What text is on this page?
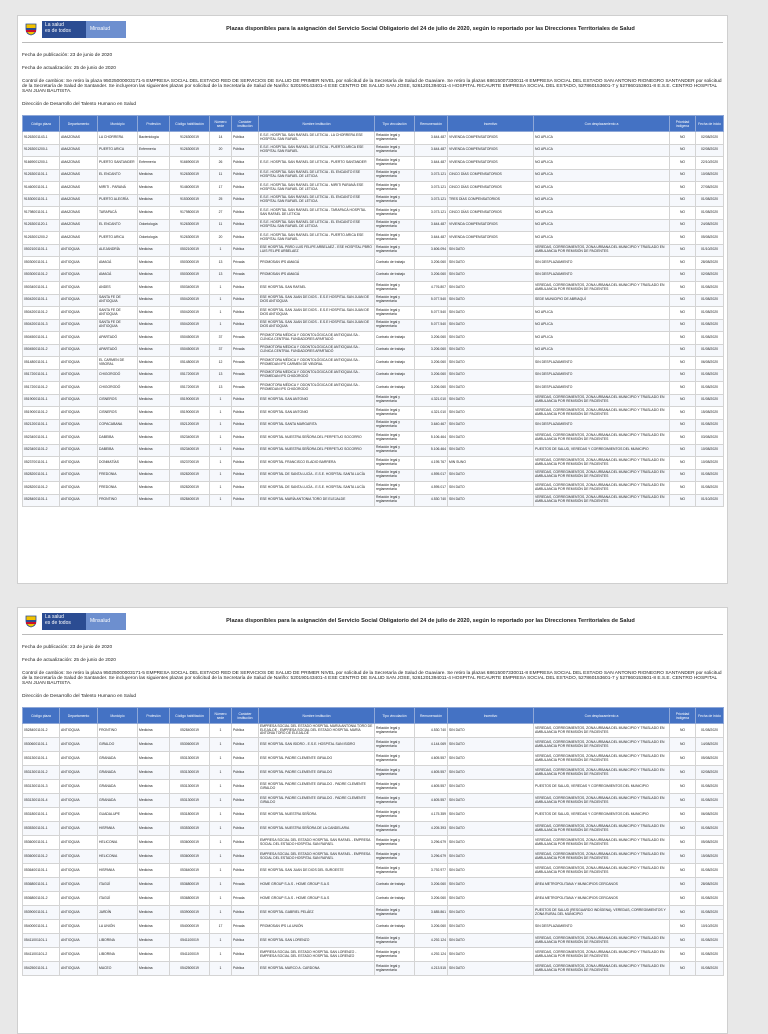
La salud
es de todos	Minsalud	Plazas disponibles para la asignación del Servicio Social Obligatorio del 24 de julio de 2020, según lo reportado por las Direcciones Territoriales de Salud

Fecha de publicación: 23 de junio de 2020

Fecha de actualización: 25 de junio de 2020

Control de cambios: Se retiro la plaza 95025000003171-5 EMPRESA SOCIAL DEL ESTADO RED DE SERVICIOS DE SALUD DE PRIMER NIVEL por solicitud de la Secretaría de Salud de Guaviare. Se retiro la plazas 68615007330011-8 EMPRESA SOCIAL DEL ESTADO SAN ANTONIO RIONEGRO SANTANDER por solicitud de la Secretaría de Salud de Santander. Se incluyeron las siguientes plazas por solicitud de la Secretaría de Salud de Nariño: 520190143401-4 ESE CENTRO DE SALUD SAN JOSE, 5261201394011-4 HOSPITAL RICAURTE EMPRESA SOCIAL DEL ESTADO, 527860153601-7 y 527860153601-8 E.S.E. CENTRO HOSPITAL SAN JUAN BAUTISTA.

Dirección de Desarrollo del Talento Humano en Salud

Código plaza	Departamento	Municipio	Profesión	Código habilitación	Número sede	Carácter institución	Nombre institución	Tipo vinculación	Remuneración	Incentivo	Con desplazamiento a	Prioridad indígena	Fecha de inicio
91263001143-1	AMAZONAS	LA CHORRERA	Bacteriología	9126300019	14	Pública	E.S.E. HOSPITAL SAN RAFAEL DE LETICIA - LA CHORRERA ESE HOSPITAL SAN RAFAEL	Relación legal y reglamentaria	3.644.487	VIVIENDA COMPENSATORIOS	NO APLICA	NO	02/08/2020
91263001200-1	AMAZONAS	PUERTO ARICA	Enfermería	9126300019	20	Pública	E.S.E. HOSPITAL SAN RAFAEL DE LETICIA - PUERTO ARICA ESE HOSPITAL SAN RAFAEL	Relación legal y reglamentaria	3.644.487	VIVIENDA COMPENSATORIOS	NO APLICA	NO	02/08/2020
91669001200-1	AMAZONAS	PUERTO SANTANDER	Enfermería	9166900019	26	Pública	E.S.E. HOSPITAL SAN RAFAEL DE LETICIA - PUERTO SANTANDER	Relación legal y reglamentaria	3.644.487	VIVIENDA COMPENSATORIOS	NO APLICA	NO	22/10/2020
91263001101-1	AMAZONAS	EL ENCANTO	Medicina	9126300019	11	Pública	E.S.E. HOSPITAL SAN RAFAEL DE LETICIA - EL ENCANTO ESE HOSPITAL SAN RAFAEL DE LETICIA	Relación legal y reglamentaria	3.073.121	CINCO DÍAS COMPENSATORIOS	NO APLICA	NO	10/08/2020
91460001101-1	AMAZONAS	MIRITI - PARANÁ	Medicina	9146000019	17	Pública	E.S.E. HOSPITAL SAN RAFAEL DE LETICIA - MIRITI PARANÁ ESE HOSPITAL SAN RAFAEL DE LETICIA	Relación legal y reglamentaria	3.073.121	CINCO DÍAS COMPENSATORIOS	NO APLICA	NO	27/08/2020
91530001101-1	AMAZONAS	PUERTO ALEGRÍA	Medicina	9153000019	25	Pública	E.S.E. HOSPITAL SAN RAFAEL DE LETICIA - EL ENCANTO ESE HOSPITAL SAN RAFAEL DE LETICIA	Relación legal y reglamentaria	3.073.121	TRES DÍAS COMPENSATORIOS	NO APLICA	NO	01/08/2020
91798001101-1	AMAZONAS	TARAPACÁ	Medicina	9179800019	27	Pública	E.S.E. HOSPITAL SAN RAFAEL DE LETICIA - TARAPACÁ HOSPITAL SAN RAFAEL DE LETICIA	Relación legal y reglamentaria	3.073.121	CINCO DÍAS COMPENSATORIOS	NO APLICA	NO	01/08/2020
91263001120-1	AMAZONAS	EL ENCANTO	Odontología	9126300019	11	Pública	E.S.E. HOSPITAL SAN RAFAEL DE LETICIA - EL ENCANTO ESE HOSPITAL SAN RAFAEL DE LETICIA	Relación legal y reglamentaria	3.644.487	VIVIENDA COMPENSATORIOS	NO APLICA	NO	24/08/2020
91263001200-2	AMAZONAS	PUERTO ARICA	Odontología	9126300019	20	Pública	E.S.E. HOSPITAL SAN RAFAEL DE LETICIA - PUERTO ARICA ESE HOSPITAL SAN RAFAEL	Relación legal y reglamentaria	3.644.487	VIVIENDA COMPENSATORIOS	NO APLICA	NO	05/08/2020
05021001101-1	ANTIOQUIA	ALEJANDRÍA	Medicina	0502100019	1	Pública	ESE HOSPITAL PBRO LUIS FELIPE ARBELAEZ - ESE HOSPITAL PBRO LUIS FELIPE ARBELAEZ	Relación legal y reglamentaria	3.606.094	SIN DATO	VEREDAS, CORREGIMIENTOS, ZONA URBANA DEL MUNICIPIO Y TRASLADO EN AMBULANCIA POR REMISIÓN DE PACIENTES	NO	01/10/2020
05030001101-1	ANTIOQUIA	AMAGÁ	Medicina	0503000019	13	Privada	PROMOSAN IPS AMAGÁ	Contrato de trabajo	3.206.060	SIN DATO	SIN DESPLAZAMIENTO	NO	28/08/2020
05030001101-2	ANTIOQUIA	AMAGÁ	Medicina	0503000019	13	Privada	PROMOSAN IPS AMAGÁ	Contrato de trabajo	3.206.060	SIN DATO	SIN DESPLAZAMIENTO	NO	02/08/2020
05034001101-1	ANTIOQUIA	ANDES	Medicina	0503400019	1	Pública	ESE HOSPITAL SAN RAFAEL	Relación legal y reglamentaria	4.776.807	SIN DATO	VEREDAS, CORREGIMIENTOS, ZONA URBANA DEL MUNICIPIO Y TRASLADO EN AMBULANCIA POR REMISIÓN DE PACIENTES	NO	01/08/2020
05042001101-1	ANTIOQUIA	SANTA FE DE ANTIOQUIA	Medicina	0504200019	1	Pública	ESE HOSPITAL SAN JUAN DE DIOS - E.S.E HOSPITAL SAN JUAN DE DIOS ANTIOQUIA	Relación legal y reglamentaria	5.077.540	SIN DATO	SEDE MUNICIPIO DE ABRIAQUÍ	NO	01/08/2020
05042001101-2	ANTIOQUIA	SANTA FE DE ANTIOQUIA	Medicina	0504200019	1	Pública	ESE HOSPITAL SAN JUAN DE DIOS - E.S.E HOSPITAL SAN JUAN DE DIOS ANTIOQUIA	Relación legal y reglamentaria	5.077.540	SIN DATO	NO APLICA	NO	01/08/2020
05042001101-3	ANTIOQUIA	SANTA FE DE ANTIOQUIA	Medicina	0504200019	1	Pública	ESE HOSPITAL SAN JUAN DE DIOS - E.S.E HOSPITAL SAN JUAN DE DIOS ANTIOQUIA	Relación legal y reglamentaria	5.077.540	SIN DATO	NO APLICA	NO	01/08/2020
05045001101-1	ANTIOQUIA	APARTADÓ	Medicina	0504500019	37	Privada	PROMOTORA MÉDICA Y ODONTOLÓGICA DE ANTIOQUIA SA - CLÍNICA CENTRAL FUNDADORES APARTADÓ	Contrato de trabajo	3.206.060	SIN DATO	NO APLICA	NO	01/08/2020
05045001101-2	ANTIOQUIA	APARTADÓ	Medicina	0504500019	37	Privada	PROMOTORA MÉDICA Y ODONTOLÓGICA DE ANTIOQUIA SA - CLÍNICA CENTRAL FUNDADORES APARTADÓ	Contrato de trabajo	3.206.060	SIN DATO	NO APLICA	NO	01/08/2020
05148001101-1	ANTIOQUIA	EL CARMEN DE VIBORAL	Medicina	0514800019	12	Privada	PROMOTORA MÉDICA Y ODONTOLÓGICA DE ANTIOQUIA SA - PROMEDAN IPS CARMEN DE VIBORAL	Contrato de trabajo	3.206.060	SIN DATO	SIN DESPLAZAMIENTO	NO	06/08/2020
05172001101-1	ANTIOQUIA	CHIGORODÓ	Medicina	0517200019	13	Privada	PROMOTORA MÉDICA Y ODONTOLÓGICA DE ANTIOQUIA SA - PROMEDAN IPS CHIGORODÓ	Contrato de trabajo	3.206.060	SIN DATO	SIN DESPLAZAMIENTO	NO	01/08/2020
05172001101-2	ANTIOQUIA	CHIGORODÓ	Medicina	0517200019	13	Privada	PROMOTORA MÉDICA Y ODONTOLÓGICA DE ANTIOQUIA SA - PROMEDAN IPS CHIGORODÓ	Contrato de trabajo	3.206.060	SIN DATO	SIN DESPLAZAMIENTO	NO	01/08/2020
05190001101-1	ANTIOQUIA	CISNEROS	Medicina	0519000019	1	Pública	ESE HOSPITAL SAN ANTONIO	Relación legal y reglamentaria	4.321.010	SIN DATO	VEREDAS, CORREGIMIENTOS, ZONA URBANA DEL MUNICIPIO Y TRASLADO EN AMBULANCIA POR REMISIÓN DE PACIENTES	NO	01/08/2020
05190001101-2	ANTIOQUIA	CISNEROS	Medicina	0519000019	1	Pública	ESE HOSPITAL SAN ANTONIO	Relación legal y reglamentaria	4.321.010	SIN DATO	VEREDAS, CORREGIMIENTOS, ZONA URBANA DEL MUNICIPIO Y TRASLADO EN AMBULANCIA POR REMISIÓN DE PACIENTES	NO	15/08/2020
05212001101-1	ANTIOQUIA	COPACABANA	Medicina	0521200019	1	Pública	ESE HOSPITAL SANTA MARGARITA	Relación legal y reglamentaria	3.640.467	SIN DATO	SIN DESPLAZAMIENTO	NO	01/08/2020
05234001101-1	ANTIOQUIA	DABEIBA	Medicina	0523400019	1	Pública	ESE HOSPITAL NUESTRA SEÑORA DEL PERPETUO SOCORRO	Relación legal y reglamentaria	5.106.464	SIN DATO	VEREDAS, CORREGIMIENTOS, ZONA URBANA DEL MUNICIPIO Y TRASLADO EN AMBULANCIA POR REMISIÓN DE PACIENTES	NO	03/08/2020
05234001101-2	ANTIOQUIA	DABEIBA	Medicina	0523400019	1	Pública	ESE HOSPITAL NUESTRA SEÑORA DEL PERPETUO SOCORRO	Relación legal y reglamentaria	5.106.464	SIN DATO	PUESTOS DE SALUD, VEREDAS Y CORREGIMIENTOS DEL MUNICIPIO	NO	10/08/2020
05237001101-1	ANTIOQUIA	DONMATÍAS	Medicina	0523700019	1	Pública	ESE HOSPITAL FRANCISCO ELADIO BARRERA	Relación legal y reglamentaria	4.195.767	MIN SUNO	VEREDAS, CORREGIMIENTOS, ZONA URBANA DEL MUNICIPIO Y TRASLADO EN AMBULANCIA POR REMISIÓN DE PACIENTES	NO	10/08/2020
05282001101-1	ANTIOQUIA	FREDONIA	Medicina	0528200019	1	Pública	ESE HOSPITAL DE SANTA LUCÍA - E.S.E. HOSPITAL SANTA LUCÍA	Relación legal y reglamentaria	4.595.017	SIN DATO	VEREDAS, CORREGIMIENTOS, ZONA URBANA DEL MUNICIPIO Y TRASLADO EN AMBULANCIA POR REMISIÓN DE PACIENTES	NO	01/08/2020
05282001101-2	ANTIOQUIA	FREDONIA	Medicina	0528200019	1	Pública	ESE HOSPITAL DE SANTA LUCÍA - E.S.E. HOSPITAL SANTA LUCÍA	Relación legal y reglamentaria	4.595.017	SIN DATO	VEREDAS, CORREGIMIENTOS, ZONA URBANA DEL MUNICIPIO Y TRASLADO EN AMBULANCIA POR REMISIÓN DE PACIENTES	NO	01/08/2020
05284001101-1	ANTIOQUIA	FRONTINO	Medicina	0528400019	1	Pública	ESE HOSPITAL MARÍA ANTONIA TORO DE ELEJALDE	Relación legal y reglamentaria	4.530.740	SIN DATO	VEREDAS, CORREGIMIENTOS, ZONA URBANA DEL MUNICIPIO Y TRASLADO EN AMBULANCIA POR REMISIÓN DE PACIENTES	NO	01/10/2020
La salud
es de todos	Minsalud	Plazas disponibles para la asignación del Servicio Social Obligatorio del 24 de julio de 2020, según lo reportado por las Direcciones Territoriales de Salud

Fecha de publicación: 23 de junio de 2020

Fecha de actualización: 25 de junio de 2020

Control de cambios: Se retiro la plaza 95025000003171-5 EMPRESA SOCIAL DEL ESTADO RED DE SERVICIOS DE SALUD DE PRIMER NIVEL por solicitud de la Secretaría de Salud de Guaviare. Se retiro la plazas 68615007330011-8 EMPRESA SOCIAL DEL ESTADO SAN ANTONIO RIONEGRO SANTANDER por solicitud de la Secretaría de Salud de Santander. Se incluyeron las siguientes plazas por solicitud de la Secretaría de Salud de Nariño: 520190143401-4 ESE CENTRO DE SALUD SAN JOSE, 5261201394011-4 HOSPITAL RICAURTE EMPRESA SOCIAL DEL ESTADO, 527860153601-7 y 527860153601-8 E.S.E. CENTRO HOSPITAL SAN JUAN BAUTISTA.

Dirección de Desarrollo del Talento Humano en Salud

Código plaza	Departamento	Municipio	Profesión	Código habilitación	Número sede	Carácter institución	Nombre institución	Tipo vinculación	Remuneración	Incentivo	Con desplazamiento a	Prioridad indígena	Fecha de inicio
05284001101-2	ANTIOQUIA	FRONTINO	Medicina	0528400019	1	Pública	EMPRESA SOCIAL DEL ESTADO HOSPITAL MARÍA ANTONIA TORO DE ELEJALDE - EMPRESA SOCIAL DEL ESTADO HOSPITAL MARÍA ANTONIA TORO DE ELEJALDE	Relación legal y reglamentaria	4.530.740	SIN DATO	VEREDAS, CORREGIMIENTOS, ZONA URBANA DEL MUNICIPIO Y TRASLADO EN AMBULANCIA POR REMISIÓN DE PACIENTES	NO	01/08/2020
05306001101-1	ANTIOQUIA	GIRALDO	Medicina	0530600019	1	Pública	ESE HOSPITAL SAN ISIDRO - E.S.E. HOSPITAL SAN ISIDRO	Relación legal y reglamentaria	4.144.069	SIN DATO	VEREDAS, CORREGIMIENTOS, ZONA URBANA DEL MUNICIPIO Y TRASLADO EN AMBULANCIA POR REMISIÓN DE PACIENTES	NO	14/08/2020
05313001101-1	ANTIOQUIA	GRANADA	Medicina	0531300019	1	Pública	ESE HOSPITAL PADRE CLEMENTE GIRALDO	Relación legal y reglamentaria	4.605.557	SIN DATO	VEREDAS, CORREGIMIENTOS, ZONA URBANA DEL MUNICIPIO Y TRASLADO EN AMBULANCIA POR REMISIÓN DE PACIENTES	NO	05/08/2020
05313001101-2	ANTIOQUIA	GRANADA	Medicina	0531300019	1	Pública	ESE HOSPITAL PADRE CLEMENTE GIRALDO	Relación legal y reglamentaria	4.605.557	SIN DATO	VEREDAS, CORREGIMIENTOS, ZONA URBANA DEL MUNICIPIO Y TRASLADO EN AMBULANCIA POR REMISIÓN DE PACIENTES	NO	02/08/2020
05313001101-3	ANTIOQUIA	GRANADA	Medicina	0531300019	1	Pública	ESE HOSPITAL PADRE CLEMENTE GIRALDO - PADRE CLEMENTE GIRALDO	Relación legal y reglamentaria	4.605.557	SIN DATO	PUESTOS DE SALUD, VEREDAS Y CORREGIMIENTOS DEL MUNICIPIO	NO	01/08/2020
05313001101-4	ANTIOQUIA	GRANADA	Medicina	0531300019	1	Pública	ESE HOSPITAL PADRE CLEMENTE GIRALDO - PADRE CLEMENTE GIRALDO	Relación legal y reglamentaria	4.605.557	SIN DATO	VEREDAS, CORREGIMIENTOS, ZONA URBANA DEL MUNICIPIO Y TRASLADO EN AMBULANCIA POR REMISIÓN DE PACIENTES	NO	01/08/2020
05318001101-1	ANTIOQUIA	GUADALUPE	Medicina	0531800019	1	Pública	ESE HOSPITAL NUESTRA SEÑORA	Relación legal y reglamentaria	4.175.359	SIN DATO	PUESTOS DE SALUD, VEREDAS Y CORREGIMIENTOS DEL MUNICIPIO	NO	06/08/2020
05353001101-1	ANTIOQUIA	HISPANIA	Medicina	0535300019	1	Pública	ESE HOSPITAL NUESTRA SEÑORA DE LA CANDELARIA	Relación legal y reglamentaria	4.205.393	SIN DATO	VEREDAS, CORREGIMIENTOS, ZONA URBANA DEL MUNICIPIO Y TRASLADO EN AMBULANCIA POR REMISIÓN DE PACIENTES	NO	01/08/2020
05360001101-1	ANTIOQUIA	HELICONIA	Medicina	0536000019	1	Pública	EMPRESA SOCIAL DEL ESTADO HOSPITAL SAN RAFAEL - EMPRESA SOCIAL DEL ESTADO HOSPITAL SAN RAFAEL	Relación legal y reglamentaria	3.296.679	SIN DATO	VEREDAS, CORREGIMIENTOS, ZONA URBANA DEL MUNICIPIO Y TRASLADO EN AMBULANCIA POR REMISIÓN DE PACIENTES	NO	05/08/2020
05360001101-2	ANTIOQUIA	HELICONIA	Medicina	0536000019	1	Pública	EMPRESA SOCIAL DEL ESTADO HOSPITAL SAN RAFAEL - EMPRESA SOCIAL DEL ESTADO HOSPITAL SAN RAFAEL	Relación legal y reglamentaria	3.296.679	SIN DATO	VEREDAS, CORREGIMIENTOS, ZONA URBANA DEL MUNICIPIO Y TRASLADO EN AMBULANCIA POR REMISIÓN DE PACIENTES	NO	15/08/2020
05364001101-1	ANTIOQUIA	HISPANIA	Medicina	0536400019	1	Pública	ESE HOSPITAL SAN JUAN DE DIOS DEL SUROESTE	Relación legal y reglamentaria	3.792.977	SIN DATO	VEREDAS, CORREGIMIENTOS, ZONA URBANA DEL MUNICIPIO Y TRASLADO EN AMBULANCIA POR REMISIÓN DE PACIENTES	NO	01/08/2020
05368001101-1	ANTIOQUIA	ITAGÜÍ	Medicina	0536800019	1	Privada	HOME GROUP S.A.S - HOME GROUP S.A.S	Contrato de trabajo	3.206.060	SIN DATO	ÁREA METROPOLITANA Y MUNICIPIOS CERCANOS	NO	28/08/2020
05368001101-2	ANTIOQUIA	ITAGÜÍ	Medicina	0536800019	1	Privada	HOME GROUP S.A.S - HOME GROUP S.A.S	Contrato de trabajo	3.206.060	SIN DATO	ÁREA METROPOLITANA Y MUNICIPIOS CERCANOS	NO	01/08/2020
05390001101-1	ANTIOQUIA	JARDÍN	Medicina	0539000019	1	Pública	ESE HOSPITAL GABRIEL PELÁEZ	Relación legal y reglamentaria	3.685.861	SIN DATO	PUESTOS DE SALUD (RESGUARDO INDÍGENA), VEREDAS, CORREGIMIENTOS Y ZONA RURAL DEL MUNICIPIO	NO	01/08/2020
05400001101-1	ANTIOQUIA	LA UNIÓN	Medicina	0540000019	17	Privada	PROMOSAN IPS LA UNIÓN	Contrato de trabajo	3.206.060	SIN DATO	SIN DESPLAZAMIENTO	NO	10/10/2020
05411001101-1	ANTIOQUIA	LIBORINA	Medicina	0541100019	1	Pública	ESE HOSPITAL SAN LORENZO	Relación legal y reglamentaria	4.292.124	SIN DATO	VEREDAS, CORREGIMIENTOS, ZONA URBANA DEL MUNICIPIO Y TRASLADO EN AMBULANCIA POR REMISIÓN DE PACIENTES	NO	01/08/2020
05411001101-2	ANTIOQUIA	LIBORINA	Medicina	0541100019	1	Pública	EMPRESA SOCIAL DEL ESTADO HOSPITAL SAN LORENZO - EMPRESA SOCIAL DEL ESTADO HOSPITAL SAN LORENZO	Relación legal y reglamentaria	4.292.124	SIN DATO	VEREDAS, CORREGIMIENTOS, ZONA URBANA DEL MUNICIPIO Y TRASLADO EN AMBULANCIA POR REMISIÓN DE PACIENTES	NO	01/08/2020
05425001101-1	ANTIOQUIA	MACEO	Medicina	0542500019	1	Pública	ESE HOSPITAL MARCO A. CARDONA	Relación legal y reglamentaria	4.213.515	SIN DATO	VEREDAS, CORREGIMIENTOS, ZONA URBANA DEL MUNICIPIO Y TRASLADO EN AMBULANCIA POR REMISIÓN DE PACIENTES	NO	01/08/2020
